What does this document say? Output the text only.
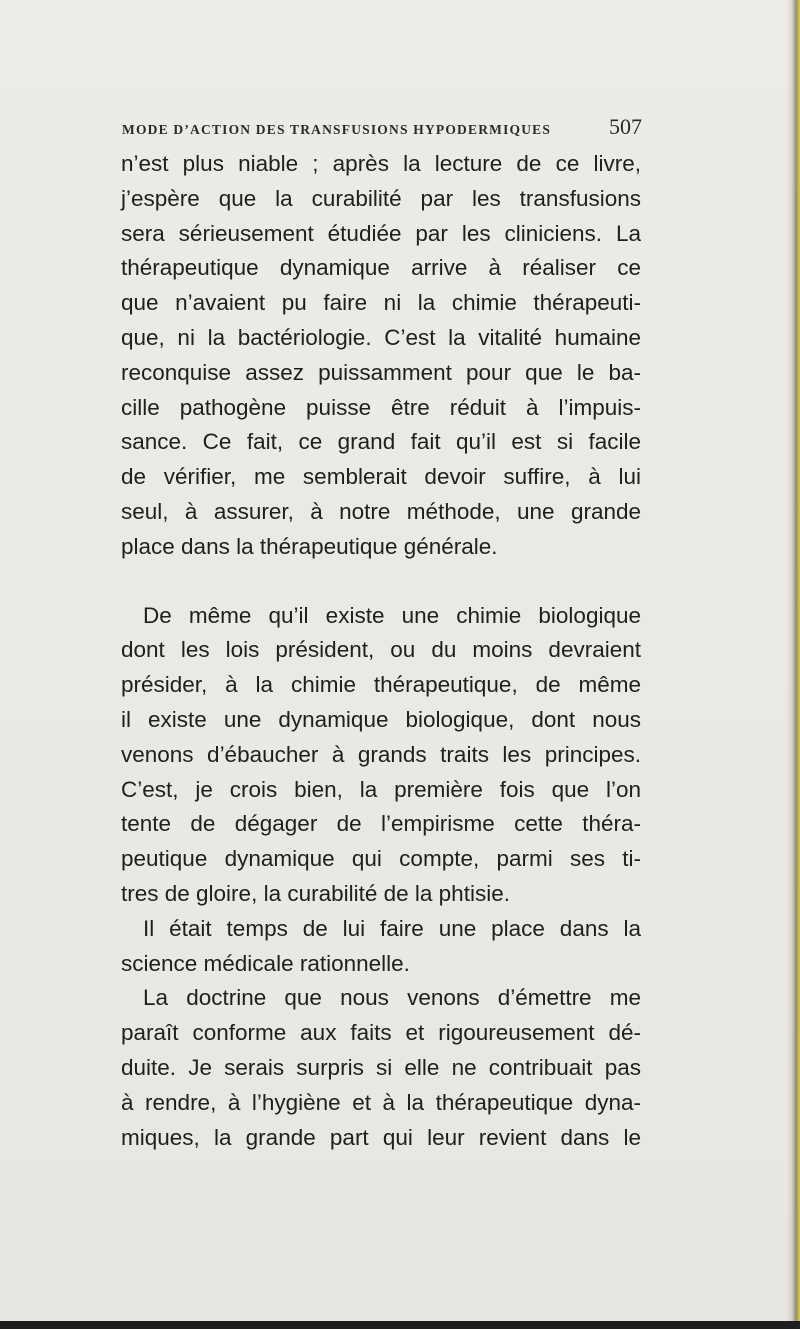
MODE D’ACTION DES TRANSFUSIONS HYPODERMIQUES	507
n’est plus niable ; après la lecture de ce livre,
j’espère que la curabilité par les transfusions
sera sérieusement étudiée par les cliniciens. La
thérapeutique dynamique arrive à réaliser ce
que n’avaient pu faire ni la chimie thérapeuti-
que, ni la bactériologie. C’est la vitalité humaine
reconquise assez puissamment pour que le ba-
cille pathogène puisse être réduit à l’impuis-
sance. Ce fait, ce grand fait qu’il est si facile
de vérifier, me semblerait devoir suffire, à lui
seul, à assurer, à notre méthode, une grande
place dans la thérapeutique générale.
De même qu’il existe une chimie biologique
dont les lois président, ou du moins devraient
présider, à la chimie thérapeutique, de même
il existe une dynamique biologique, dont nous
venons d’ébaucher à grands traits les principes.
C’est, je crois bien, la première fois que l’on
tente de dégager de l’empirisme cette théra-
peutique dynamique qui compte, parmi ses ti-
tres de gloire, la curabilité de la phtisie.
Il était temps de lui faire une place dans la
science médicale rationnelle.
La doctrine que nous venons d’émettre me
paraît conforme aux faits et rigoureusement dé-
duite. Je serais surpris si elle ne contribuait pas
à rendre, à l’hygiène et à la thérapeutique dyna-
miques, la grande part qui leur revient dans le
